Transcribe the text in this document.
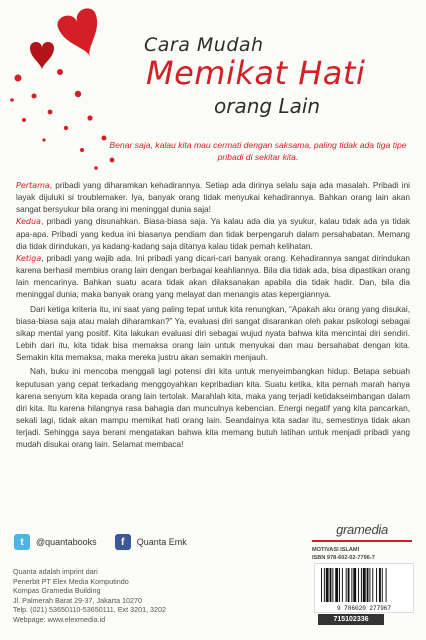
Cara Mudah
Memikat Hati
orang Lain
Benar saja, kalau kita mau cermati dengan saksama, paling tidak ada tiga tipe pribadi di sekitar kita.

Pertama, pribadi yang diharamkan kehadirannya. Setiap ada dirinya selalu saja ada masalah. Pribadi ini layak dijuluki si troublemaker. Iya, banyak orang tidak menyukai kehadirannya. Bahkan orang lain akan sangat bersyukur bila orang ini meninggal dunia saja!

Kedua, pribadi yang disunahkan. Biasa-biasa saja. Ya kalau ada dia ya syukur, kalau tidak ada ya tidak apa-apa. Pribadi yang kedua ini biasanya pendiam dan tidak berpengaruh dalam persahabatan. Memang dia tidak dirindukan, ya kadang-kadang saja ditanya kalau tidak pemah kelihatan.

Ketiga, pribadi yang wajib ada. Ini pribadi yang dicari-cari banyak orang. Kehadirannya sangat dirindukan karena berhasil membius orang lain dengan berbagai keahliannya. Bila dia tidak ada, bisa dipastikan orang lain mencarinya. Bahkan suatu acara tidak akan dilaksanakan apabila dia tidak hadir. Dan, bila dia meninggal dunia, maka banyak orang yang melayat dan menangis atas kepergiannya.

Dari ketiga kriteria itu, ini saat yang paling tepat untuk kita renungkan, “Apakah aku orang yang disukai, biasa-biasa saja atau malah diharamkan?” Ya, evaluasi diri sangat disarankan oleh pakar psikologi sebagai sikap mental yang positif. Kita lakukan evaluasi diri sebagai wujud nyata bahwa kita mencintai diri sendiri. Lebih dari itu, kita tidak bisa memaksa orang lain untuk menyukai dan mau bersahabat dengan kita. Semakin kita memaksa, maka mereka justru akan semakin menjauh.

Nah, buku ini mencoba menggali lagi potensi diri kita untuk menyeimbangkan hidup. Betapa sebuah keputusan yang cepat terkadang menggoyahkan kepribadian kita. Suatu ketika, kita pernah marah hanya karena senyum kita kepada orang lain tertolak. Marahlah kita, maka yang terjadi ketidakseimbangan dalam diri kita. Itu karena hilangnya rasa bahagia dan munculnya kebencian. Energi negatif yang kita pancarkan, sekali lagi, tidak akan mampu memikat hati orang lain. Seandainya kita sadar itu, semestinya tidak akan terjadi. Sehingga saya berani mengatakan bahwa kita memang butuh latihan untuk menjadi pribadi yang mudah disukai orang lain. Selamat membaca!

t	@quantabooks	f	Quanta Emk
Quanta adalah imprint dari
Penerbit PT Elex Media Komputindo
Kompas Gramedia Building
Jl. Palmerah Barat 29-37, Jakarta 10270
Telp. (021) 53650110-53650111, Ext 3201, 3202
Webpage: www.elexmedia.id
gramedia
MOTIVASI ISLAMI
ISBN 978-602-02-7796-7
9 786020 277967
715102336
